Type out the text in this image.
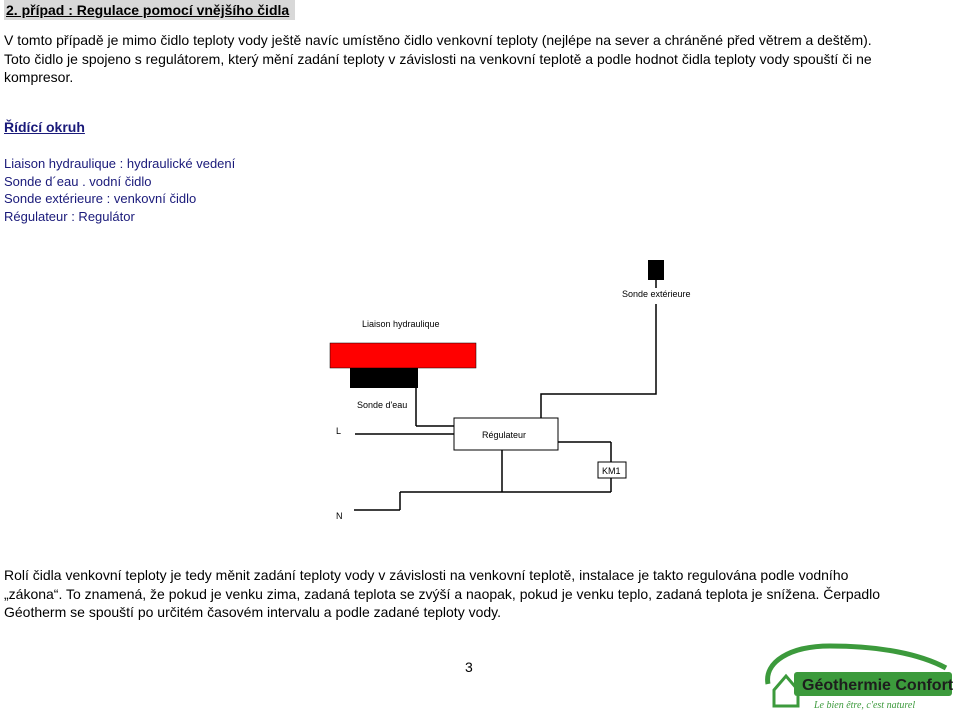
2. případ : Regulace pomocí vnějšího čidla
V tomto případě je mimo čidlo teploty vody ještě navíc umístěno čidlo venkovní teploty (nejlépe na sever a chráněné před větrem a deštěm).
Toto čidlo je spojeno s regulátorem, který mění zadání teploty v závislosti na venkovní teplotě a podle hodnot čidla teploty vody spouští či ne
kompresor.
Řídící okruh
Liaison hydraulique : hydraulické vedení
Sonde d´eau . vodní čidlo
Sonde extérieure : venkovní čidlo
Régulateur : Regulátor
Sonde extérieure
Liaison hydraulique
Sonde d'eau
L	Régulateur
KM1
N
Rolí čidla venkovní teploty je tedy měnit zadání teploty vody v závislosti na venkovní teplotě, instalace je takto regulována podle vodního
„zákona“. To znamená, že pokud je venku zima, zadaná teplota se zvýší a naopak, pokud je venku teplo, zadaná teplota je snížena. Čerpadlo
Géotherm se spouští po určitém časovém intervalu a podle zadané teploty vody.
3
Géothermie Confort
Le bien être, c'est naturel
